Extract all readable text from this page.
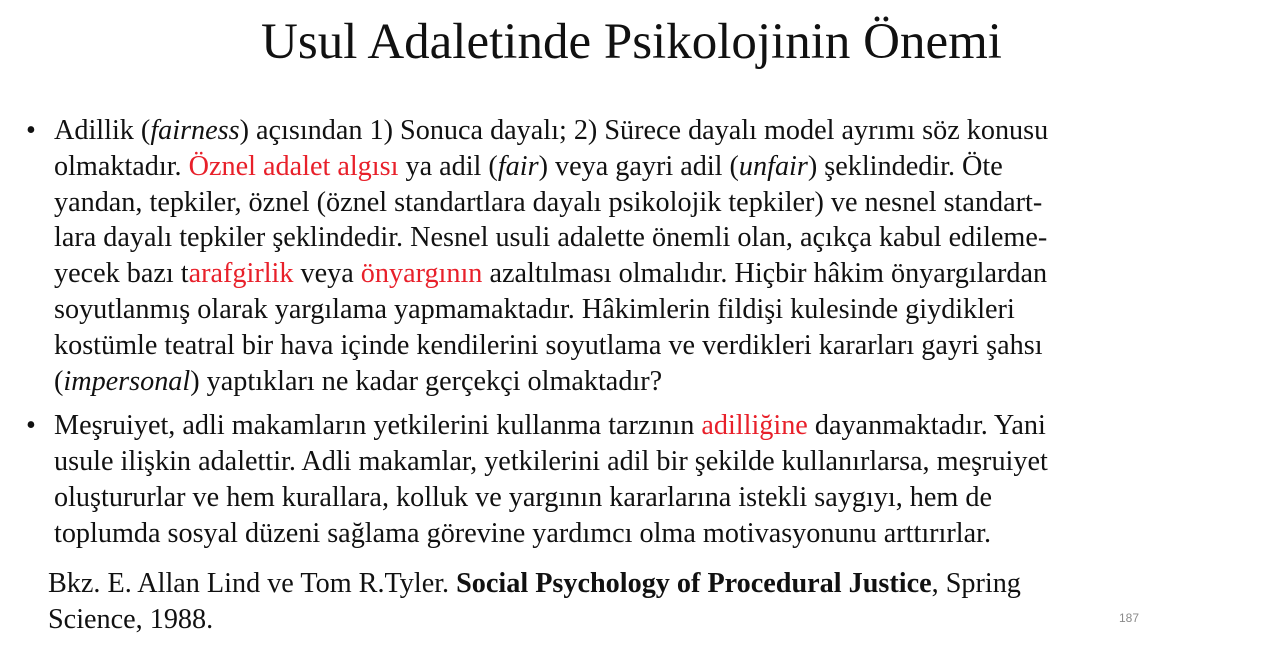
Usul Adaletinde Psikolojinin Önemi
• Adillik (fairness) açısından 1) Sonuca dayalı; 2) Sürece dayalı model ayrımı söz konusu
olmaktadır. Öznel adalet algısı ya adil (fair) veya gayri adil (unfair) şeklindedir. Öte
yandan, tepkiler, öznel (öznel standartlara dayalı psikolojik tepkiler) ve nesnel standart-
lara dayalı tepkiler şeklindedir. Nesnel usuli adalette önemli olan, açıkça kabul edileme-
yecek bazı tarafgirlik veya önyargının azaltılması olmalıdır. Hiçbir hâkim önyargılardan
soyutlanmış olarak yargılama yapmamaktadır. Hâkimlerin fildişi kulesinde giydikleri
kostümle teatral bir hava içinde kendilerini soyutlama ve verdikleri kararları gayri şahsı
(impersonal) yaptıkları ne kadar gerçekçi olmaktadır?
• Meşruiyet, adli makamların yetkilerini kullanma tarzının adilliğine dayanmaktadır. Yani
usule ilişkin adalettir. Adli makamlar, yetkilerini adil bir şekilde kullanırlarsa, meşruiyet
oluştururlar ve hem kurallara, kolluk ve yargının kararlarına istekli saygıyı, hem de
toplumda sosyal düzeni sağlama görevine yardımcı olma motivasyonunu arttırırlar.
Bkz. E. Allan Lind ve Tom R.Tyler. Social Psychology of Procedural Justice, Spring
Science, 1988.	187
